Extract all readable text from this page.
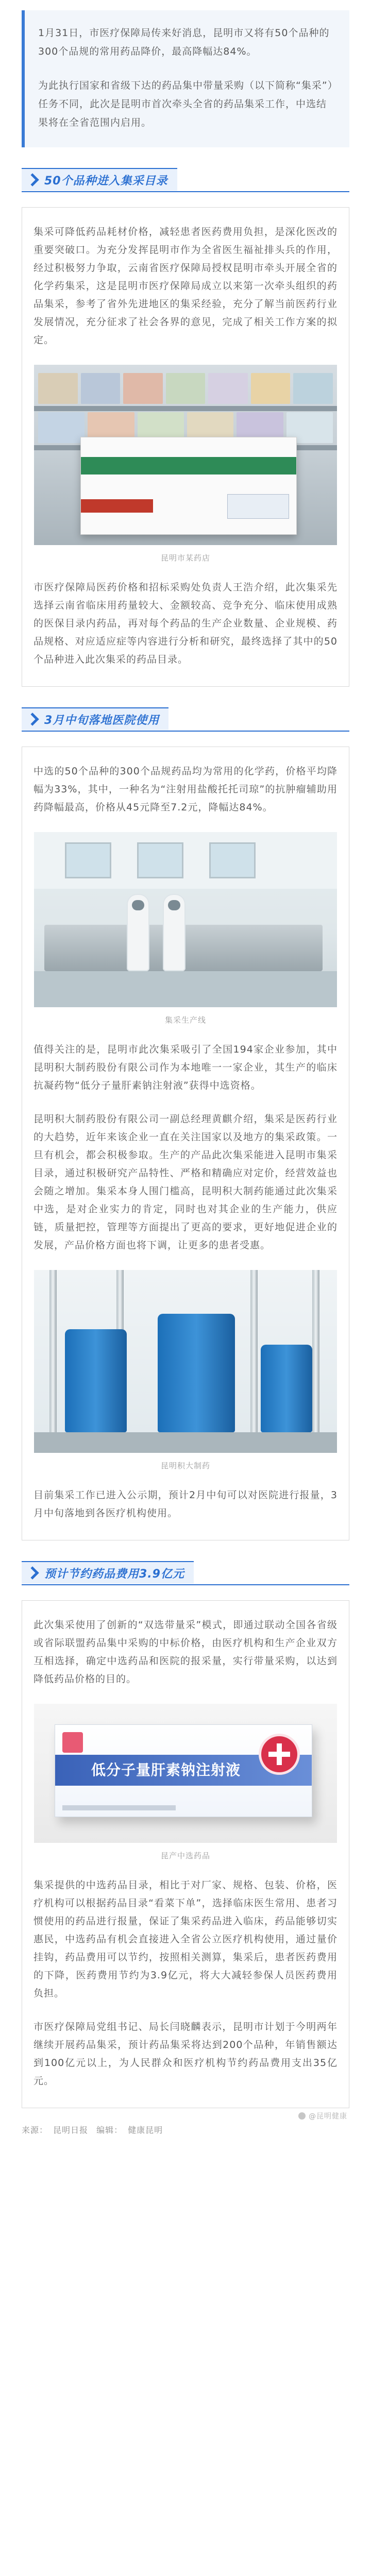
1月31日，市医疗保障局传来好消息，昆明市又将有50个品种的300个品规的常用药品降价，最高降幅达84%。

为此执行国家和省级下达的药品集中带量采购（以下简称“集采”）任务不同，此次是昆明市首次牵头全省的药品集采工作，中选结果将在全省范围内启用。

50个品种进入集采目录

集采可降低药品耗材价格，减轻患者医药费用负担，是深化医改的重要突破口。为充分发挥昆明市作为全省医生福祉排头兵的作用，经过积极努力争取，云南省医疗保障局授权昆明市牵头开展全省的化学药集采，这是昆明市医疗保障局成立以来第一次牵头组织的药品集采，参考了省外先进地区的集采经验，充分了解当前医药行业发展情况，充分征求了社会各界的意见，完成了相关工作方案的拟定。

昆明市某药店

市医疗保障局医药价格和招标采购处负责人王浩介绍，此次集采先选择云南省临床用药量较大、金额较高、竞争充分、临床使用成熟的医保目录内药品，再对每个药品的生产企业数量、企业规模、药品规格、对应适应症等内容进行分析和研究，最终选择了其中的50个品种进入此次集采的药品目录。

3月中旬落地医院使用

中选的50个品种的300个品规药品均为常用的化学药，价格平均降幅为33%，其中，一种名为“注射用盐酸托托司琼”的抗肿瘤辅助用药降幅最高，价格从45元降至7.2元，降幅达84%。

集采生产线

值得关注的是，昆明市此次集采吸引了全国194家企业参加，其中昆明积大制药股份有限公司作为本地唯一一家企业，其生产的临床抗凝药物“低分子量肝素钠注射液”获得中选资格。

昆明积大制药股份有限公司一副总经理黄麒介绍，集采是医药行业的大趋势，近年来该企业一直在关注国家以及地方的集采政策。一旦有机会，都会积极参取。生产的产品此次集采能进入昆明市集采目录，通过积极研究产品特性、严格和精确应对定价，经营效益也会随之增加。集采本身人围门槛高，昆明积大制药能通过此次集采中选，是对企业实力的肯定，同时也对其企业的生产能力，供应链，质量把控，管理等方面提出了更高的要求，更好地促进企业的发展，产品价格方面也将下调，让更多的患者受惠。

昆明积大制药

目前集采工作已进入公示期，预计2月中旬可以对医院进行报量，3月中旬落地到各医疗机构使用。

预计节约药品费用3.9亿元

此次集采使用了创新的“双选带量采”模式，即通过联动全国各省级或省际联盟药品集中采购的中标价格，由医疗机构和生产企业双方互相选择，确定中选药品和医院的报采量，实行带量采购，以达到降低药品价格的目的。

低分子量肝素钠注射液
昆产中选药品

集采提供的中选药品目录，相比于对厂家、规格、包装、价格，医疗机构可以根据药品目录“看菜下单”，选择临床医生常用、患者习惯使用的药品进行报量，保证了集采药品进入临床，药品能够切实惠民，中选药品有机会直接进入全省公立医疗机构使用，通过量价挂钩，药品费用可以节约，按照相关测算，集采后，患者医药费用的下降，医药费用节约为3.9亿元，将大大减轻参保人员医药费用负担。

市医疗保障局党组书记、局长闫晓麟表示，昆明市计划于今明两年继续开展药品集采，预计药品集采将达到200个品种，年销售额达到100亿元以上，为人民群众和医疗机构节约药品费用支出35亿元。

来源： 昆明日报 编辑： 健康昆明
@昆明健康
